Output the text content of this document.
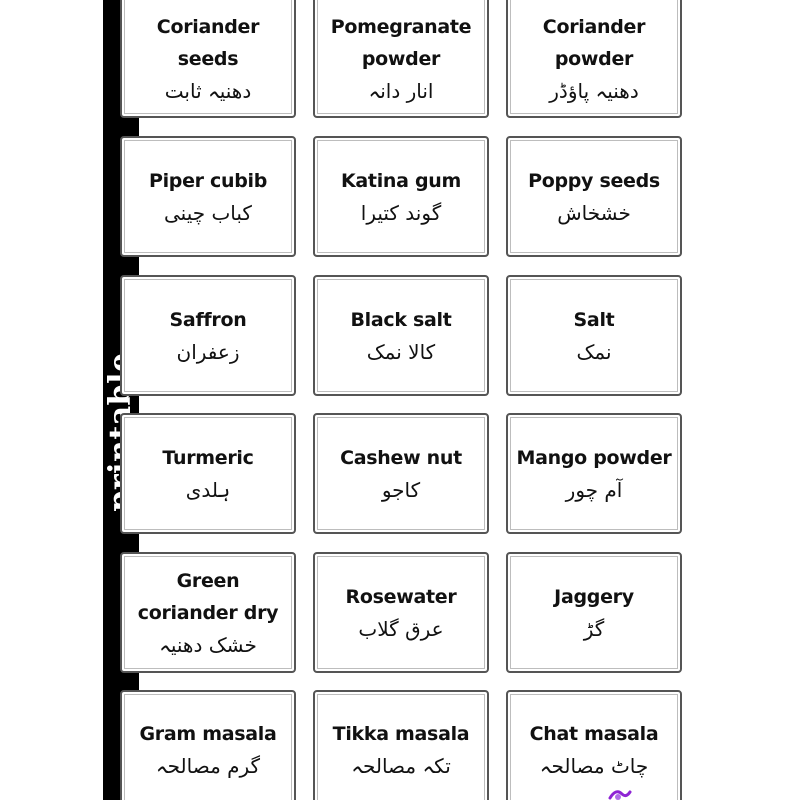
Coriander
seeds
دھنیہ ثابت
Pomegranate
powder
انار دانہ
Coriander
powder
دھنیہ پاؤڈر
Piper cubib
کباب چینی
Katina gum
گوند کتیرا
Poppy seeds
خشخاش
Saffron
زعفران
Black salt
کالا نمک
Salt
نمک
Turmeric
ہلدی
Cashew nut
کاجو
Mango powder
آم چور
Green
coriander dry
خشک دھنیہ
Rosewater
عرق گلاب
Jaggery
گڑ
Gram masala
گرم مصالحہ
Tikka masala
تکہ مصالحہ
Chat masala
چاٹ مصالحہ
